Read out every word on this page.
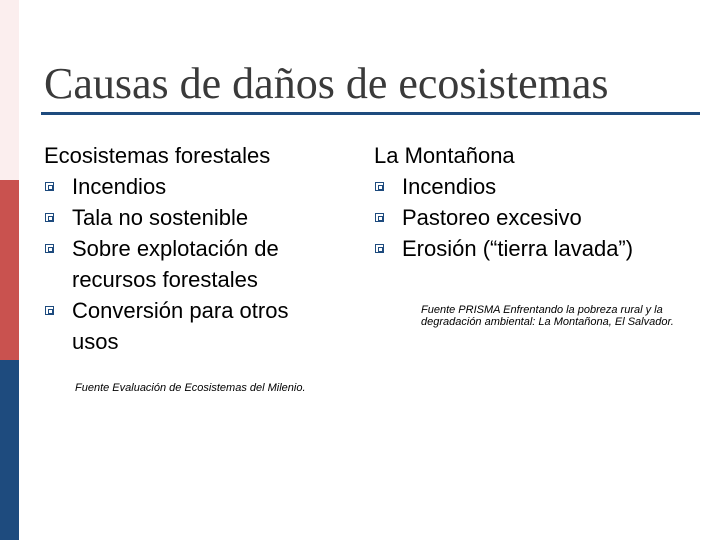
Causas de daños de ecosistemas
Ecosistemas forestales
Incendios
Tala no sostenible
Sobre explotación de
recursos forestales
Conversión para otros
usos
Fuente Evaluación de Ecosistemas del Milenio.
La Montañona
Incendios
Pastoreo excesivo
Erosión (“tierra lavada”)
Fuente PRISMA Enfrentando la pobreza rural y la degradación ambiental: La Montañona, El Salvador.
